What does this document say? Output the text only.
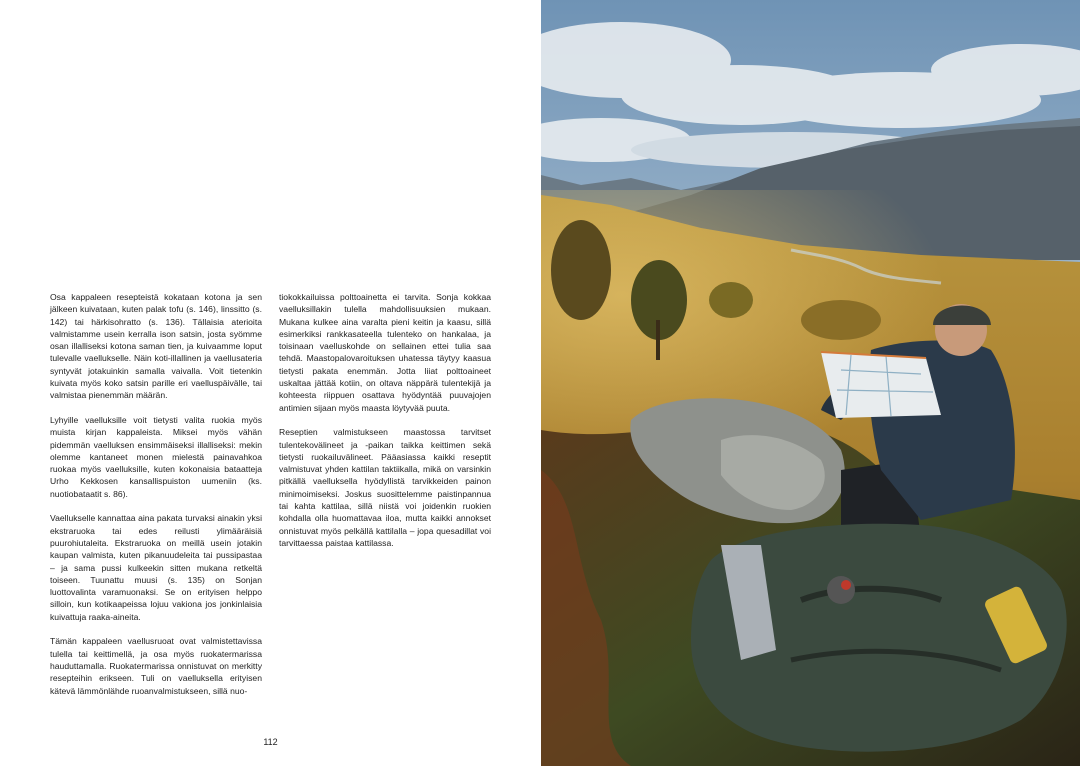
Osa kappaleen reseptеistä kokataan kotona ja sen jälkeen kuivataan, kuten palak tofu (s. 146), linssitto (s. 142) tai härkisohratto (s. 136). Tällaisia aterioita valmistamme usein kerralla ison satsin, josta syömme osan illalliseksi kotona saman tien, ja kuivaamme loput tulevalle vaellukselle. Näin koti-illallinen ja vaellusateria syntyvät jotakuinkin samalla vaivalla. Voit tietenkin kuivata myös koko satsin parille eri vaelluspäivälle, tai valmistaa pienemmän määrän.

Lyhyille vaelluksille voit tietysti valita ruokia myös muista kirjan kappaleista. Miksei myös vähän pidemmän vaelluksen ensimmäiseksi illalliseksi: mekin olemme kantaneet monen mielestä painavahkoa ruokaa myös vaelluksille, kuten kokonaisia bataatteja Urho Kekkosen kansallispuiston uumeniin (ks. nuotiobataatit s. 86).

Vaellukselle kannattaa aina pakata turvaksi ainakin yksi ekstraruoka tai edes reilusti ylimääräisiä puurohiutaleita. Ekstraruoka on meillä usein jotakin kaupan valmista, kuten pikanuudeleita tai pussipastaa – ja sama pussi kulkeekin sitten mukana retkeltä toiseen. Tuunattu muusi (s. 135) on Sonjan luottovalinta varamuonaksi. Se on erityisen helppo silloin, kun kotikaapeissa lojuu vakiona jos jonkinlaisia kuivattuja raaka-aineita.

Tämän kappaleen vaellusruoat ovat valmistettavissa tulella tai keittimellä, ja osa myös ruokatermarissa hauduttamalla. Ruokatermarissa onnistuvat on merkitty resepteihin erikseen. Tuli on vaelluksella erityisen kätevä lämmönlähde ruoanvalmistukseen, sillä nuo-

tiokokkailuissa polttoainetta ei tarvita. Sonja kokkaa vaelluksillakin tulella mahdollisuuksien mukaan. Mukana kulkee aina varalta pieni keitin ja kaasu, sillä esimerkiksi rankkasateella tulenteko on hankalaa, ja toisinaan vaelluskohde on sellainen ettei tulia saa tehdä. Maastopalovaroituksen uhatessa täytyy kaasua tietysti pakata enemmän. Jotta liiat polttoaineet uskaltaa jättää kotiin, on oltava näppärä tulentekijä ja kohteesta riippuen osattava hyödyntää puuvajojen antimien sijaan myös maasta löytyvää puuta.

Reseptien valmistukseen maastossa tarvitset tulentekovälineet ja -paikan taikka keittimen sekä tietysti ruokailuvälineet. Pääasiassa kaikki reseptit valmistuvat yhden kattilan taktiikalla, mikä on varsinkin pitkällä vaelluksella hyödyllistä tarvikkeiden painon minimoimiseksi. Joskus suosittelemme paistinpannua tai kahta kattilaa, sillä niistä voi joidenkin ruokien kohdalla olla huomattavaa iloa, mutta kaikki annokset onnistuvat myös pelkällä kattilalla – jopa quesadillat voi tarvittaessa paistaa kattilassa.

112
